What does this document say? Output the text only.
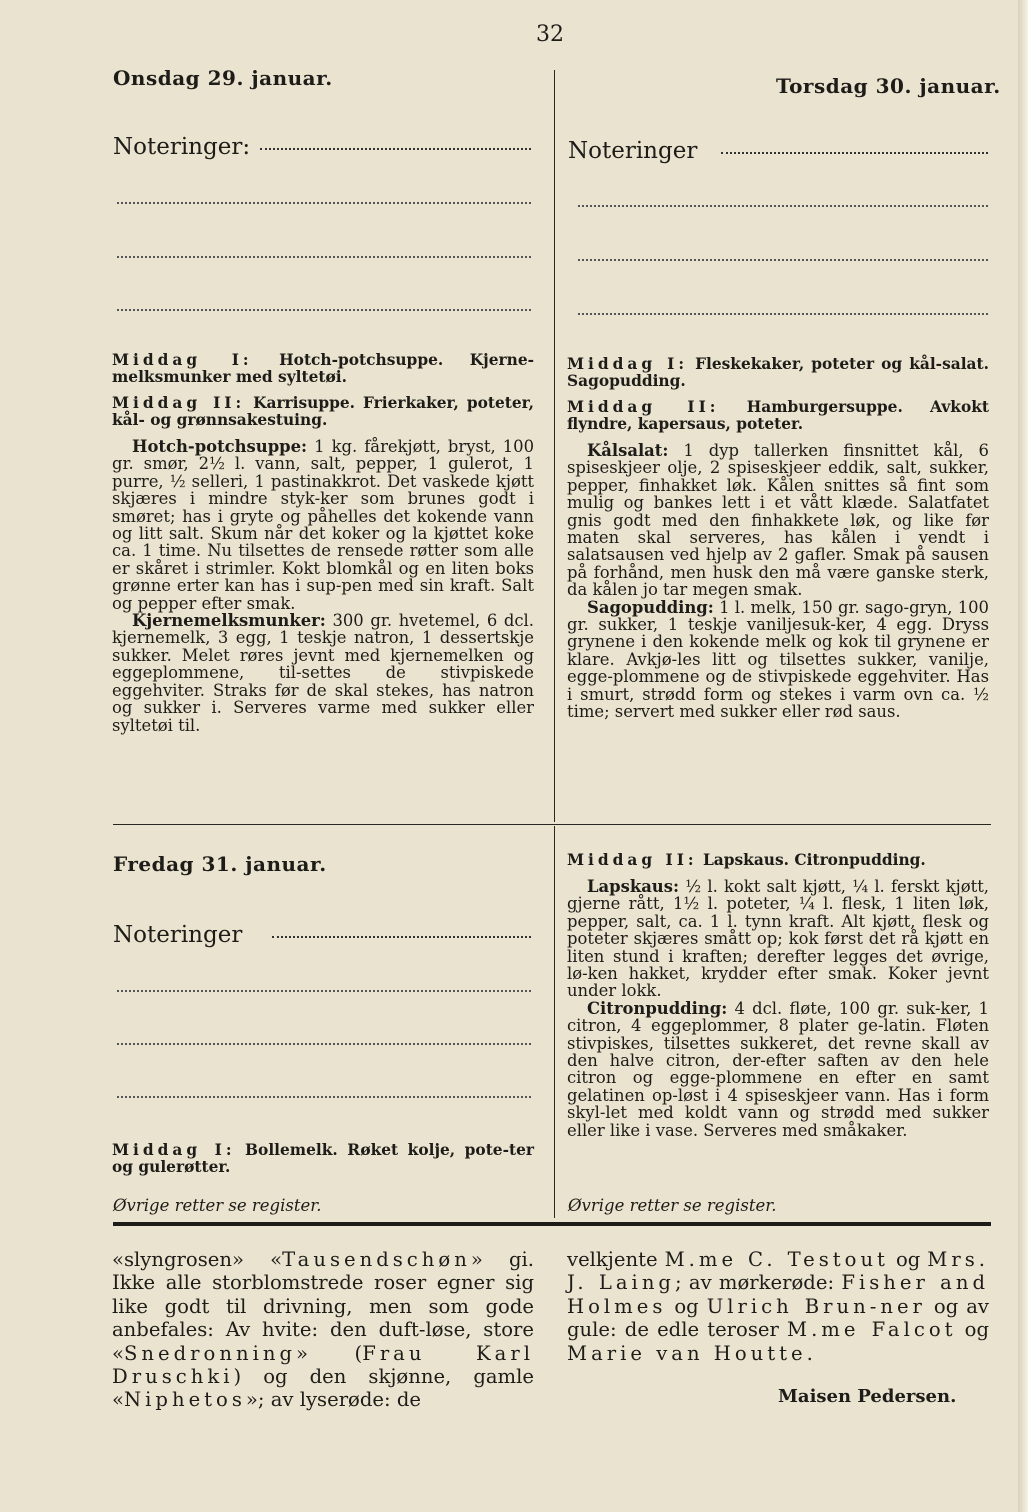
32
Onsdag 29. januar.
Noteringer:

Middag I: Hotch-potchsuppe. Kjerne-melksmunker med syltetøi.

Middag II: Karrisuppe. Frierkaker, poteter, kål- og grønnsakestuing.

Hotch-potchsuppe: 1 kg. fårekjøtt, bryst, 100 gr. smør, 2½ l. vann, salt, pepper, 1 gulerot, 1 purre, ½ selleri, 1 pastinakkrot. Det vaskede kjøtt skjæres i mindre styk-ker som brunes godt i smøret; has i gryte og påhelles det kokende vann og litt salt. Skum når det koker og la kjøttet koke ca. 1 time. Nu tilsettes de rensede røtter som alle er skåret i strimler. Kokt blomkål og en liten boks grønne erter kan has i sup-pen med sin kraft. Salt og pepper efter smak.

Kjernemelksmunker: 300 gr. hvetemel, 6 dcl. kjernemelk, 3 egg, 1 teskje natron, 1 dessertskje sukker. Melet røres jevnt med kjernemelken og eggeplommene, til-settes de stivpiskede eggehviter. Straks før de skal stekes, has natron og sukker i. Serveres varme med sukker eller syltetøi til.

Torsdag 30. januar.
Noteringer

Middag I: Fleskekaker, poteter og kål-salat. Sagopudding.

Middag II: Hamburgersuppe. Avkokt flyndre, kapersaus, poteter.

Kålsalat: 1 dyp tallerken finsnittet kål, 6 spiseskjeer olje, 2 spiseskjeer eddik, salt, sukker, pepper, finhakket løk. Kålen snittes så fint som mulig og bankes lett i et vått klæde. Salatfatet gnis godt med den finhakkete løk, og like før maten skal serveres, has kålen i vendt i salatsausen ved hjelp av 2 gafler. Smak på sausen på forhånd, men husk den må være ganske sterk, da kålen jo tar megen smak.

Sagopudding: 1 l. melk, 150 gr. sago-gryn, 100 gr. sukker, 1 teskje vaniljesuk-ker, 4 egg. Dryss grynene i den kokende melk og kok til grynene er klare. Avkjø-les litt og tilsettes sukker, vanilje, egge-plommene og de stivpiskede eggehviter. Has i smurt, strødd form og stekes i varm ovn ca. ½ time; servert med sukker eller rød saus.

Fredag 31. januar.
Noteringer

Middag I: Bollemelk. Røket kolje, pote-ter og gulerøtter.

Øvrige retter se register.

Middag II: Lapskaus. Citronpudding.

Lapskaus: ½ l. kokt salt kjøtt, ¼ l. ferskt kjøtt, gjerne rått, 1½ l. poteter, ¼ l. flesk, 1 liten løk, pepper, salt, ca. 1 l. tynn kraft. Alt kjøtt, flesk og poteter skjæres smått op; kok først det rå kjøtt en liten stund i kraften; derefter legges det øvrige, lø-ken hakket, krydder efter smak. Koker jevnt under lokk.

Citronpudding: 4 dcl. fløte, 100 gr. suk-ker, 1 citron, 4 eggeplommer, 8 plater ge-latin. Fløten stivpiskes, tilsettes sukkeret, det revne skall av den halve citron, der-efter saften av den hele citron og egge-plommene en efter en samt gelatinen op-løst i 4 spiseskjeer vann. Has i form skyl-let med koldt vann og strødd med sukker eller like i vase. Serveres med småkaker.

Øvrige retter se register.
«slyngrosen» «Tausendschøn» gi. Ikke alle storblomstrede roser egner sig like godt til drivning, men som gode anbefales: Av hvite: den duft-løse, store «Snedronning» (Frau Karl Druschki) og den skjønne, gamle «Niphetos»; av lyserøde: de
velkjente M.me C. Testout og Mrs. J. Laing; av mørkerøde: Fisher and Holmes og Ulrich Brun-ner og av gule: de edle teroser M.me Falcot og Marie van Houtte.
Maisen Pedersen.
